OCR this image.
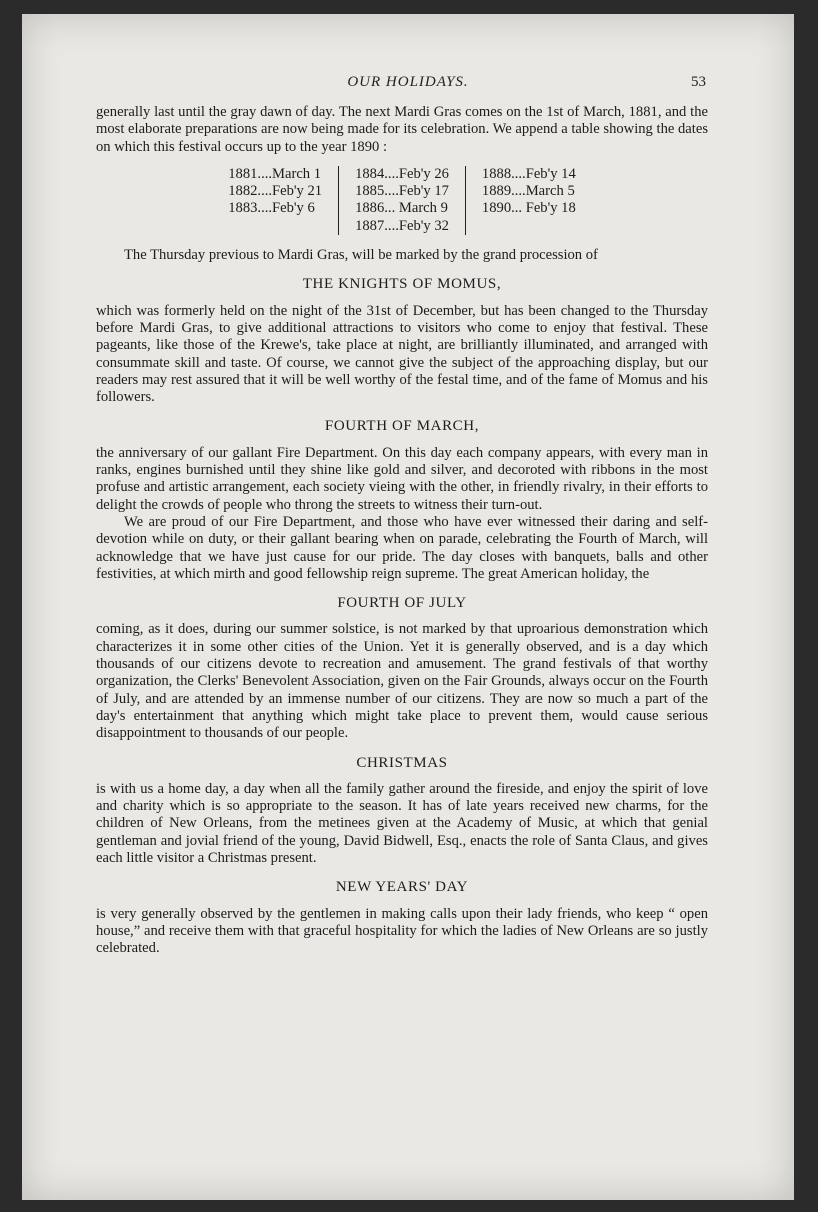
OUR HOLIDAYS.	53

generally last until the gray dawn of day. The next Mardi Gras comes on the 1st of March, 1881, and the most elaborate preparations are now being made for its celebration. We append a table showing the dates on which this festival occurs up to the year 1890 :

1881....March 1
1882....Feb'y 21
1883....Feb'y 6
1884....Feb'y 26
1885....Feb'y 17
1886... March 9
1887....Feb'y 32
1888....Feb'y 14
1889....March 5
1890... Feb'y 18

The Thursday previous to Mardi Gras, will be marked by the grand procession of

THE KNIGHTS OF MOMUS,

which was formerly held on the night of the 31st of December, but has been changed to the Thursday before Mardi Gras, to give additional attractions to visitors who come to enjoy that festival. These pageants, like those of the Krewe's, take place at night, are brilliantly illuminated, and arranged with consummate skill and taste. Of course, we cannot give the subject of the approaching display, but our readers may rest assured that it will be well worthy of the festal time, and of the fame of Momus and his followers.

FOURTH OF MARCH,

the anniversary of our gallant Fire Department. On this day each company appears, with every man in ranks, engines burnished until they shine like gold and silver, and decoroted with ribbons in the most profuse and artistic arrangement, each society vieing with the other, in friendly rivalry, in their efforts to delight the crowds of people who throng the streets to witness their turn-out.

We are proud of our Fire Department, and those who have ever witnessed their daring and self-devotion while on duty, or their gallant bearing when on parade, celebrating the Fourth of March, will acknowledge that we have just cause for our pride. The day closes with banquets, balls and other festivities, at which mirth and good fellowship reign supreme. The great American holiday, the

FOURTH OF JULY

coming, as it does, during our summer solstice, is not marked by that uproarious demonstration which characterizes it in some other cities of the Union. Yet it is generally observed, and is a day which thousands of our citizens devote to recreation and amusement. The grand festivals of that worthy organization, the Clerks' Benevolent Association, given on the Fair Grounds, always occur on the Fourth of July, and are attended by an immense number of our citizens. They are now so much a part of the day's entertainment that anything which might take place to prevent them, would cause serious disappointment to thousands of our people.

CHRISTMAS

is with us a home day, a day when all the family gather around the fireside, and enjoy the spirit of love and charity which is so appropriate to the season. It has of late years received new charms, for the children of New Orleans, from the metinees given at the Academy of Music, at which that genial gentleman and jovial friend of the young, David Bidwell, Esq., enacts the role of Santa Claus, and gives each little visitor a Christmas present.

NEW YEARS' DAY

is very generally observed by the gentlemen in making calls upon their lady friends, who keep “ open house,” and receive them with that graceful hospitality for which the ladies of New Orleans are so justly celebrated.
